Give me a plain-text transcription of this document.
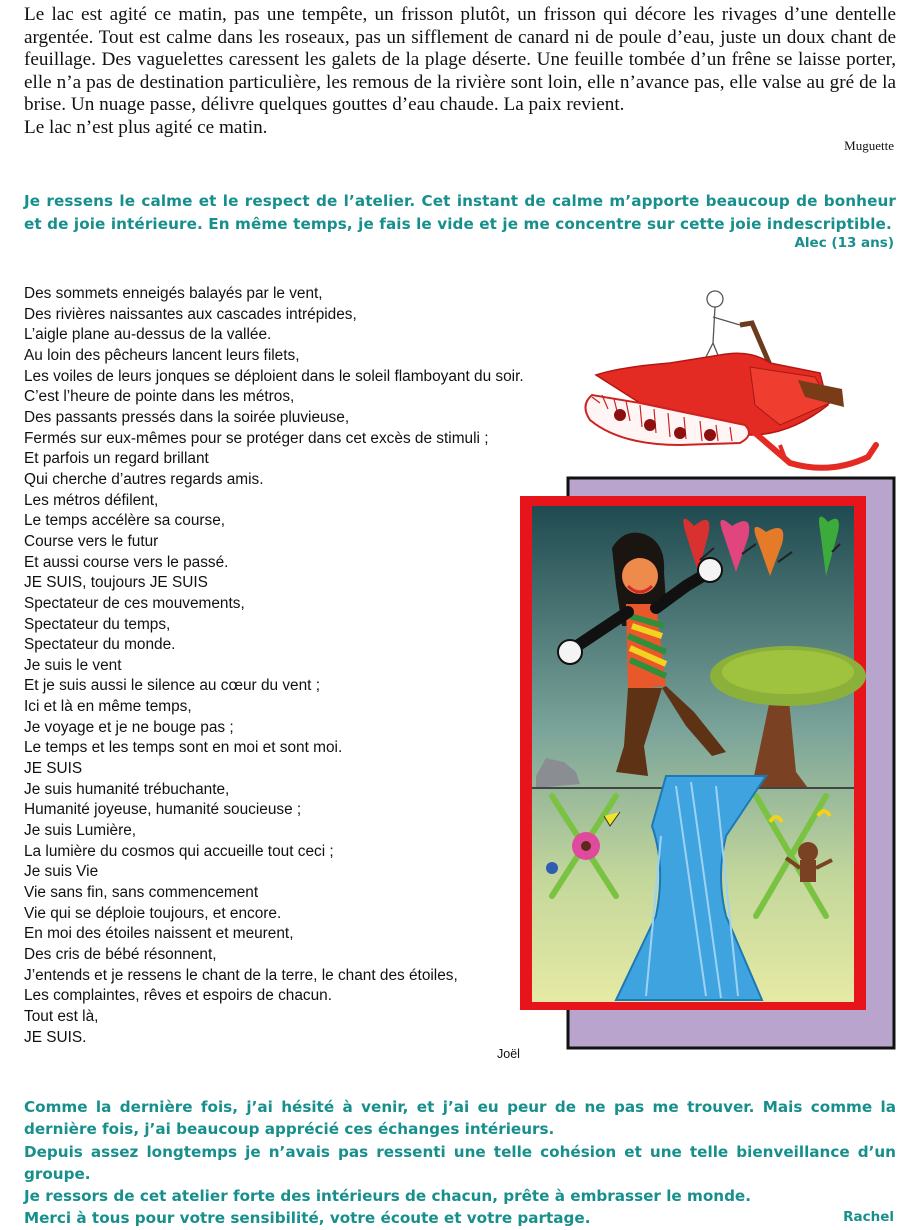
Le lac est agité ce matin, pas une tempête, un frisson plutôt, un frisson qui décore les rivages d’une dentelle argentée. Tout est calme dans les roseaux, pas un sifflement de canard ni de poule d’eau, juste un doux chant de feuillage. Des vaguelettes caressent les galets de la plage déserte. Une feuille tombée d’un frêne se laisse porter, elle n’a pas de destination particulière, les remous de la rivière sont loin, elle n’avance pas, elle valse au gré de la brise. Un nuage passe, délivre quelques gouttes d’eau chaude. La paix revient.

Le lac n’est plus agité ce matin.

Muguette

Je ressens le calme et le respect de l’atelier. Cet instant de calme m’apporte beaucoup de bonheur et de joie intérieure. En même temps, je fais le vide et je me concentre sur cette joie indescriptible.

Alec (13 ans)
Des sommets enneigés balayés par le vent,
Des rivières naissantes aux cascades intrépides,
L’aigle plane au-dessus de la vallée.
Au loin des pêcheurs lancent leurs filets,
Les voiles de leurs jonques se déploient dans le soleil flamboyant du soir.
C’est l’heure de pointe dans les métros,
Des passants pressés dans la soirée pluvieuse,
Fermés sur eux-mêmes pour se protéger dans cet excès de stimuli ;
Et parfois un regard brillant
Qui cherche d’autres regards amis.
Les métros défilent,
Le temps accélère sa course,
Course vers le futur
Et aussi course vers le passé.
JE SUIS, toujours JE SUIS
Spectateur de ces mouvements,
Spectateur du temps,
Spectateur du monde.
Je suis le vent
Et je suis aussi le silence au cœur du vent ;
Ici et là en même temps,
Je voyage et je ne bouge pas ;
Le temps et les temps sont en moi et sont moi.
JE SUIS
Je suis humanité trébuchante,
Humanité joyeuse, humanité soucieuse ;
Je suis Lumière,
La lumière du cosmos qui accueille tout ceci ;
Je suis Vie
Vie sans fin, sans commencement
Vie qui se déploie toujours, et encore.
En moi des étoiles naissent et meurent,
Des cris de bébé résonnent,
J’entends et je ressens le chant de la terre, le chant des étoiles,
Les complaintes, rêves et espoirs de chacun.
Tout est là,
JE SUIS.
Joël

Comme la dernière fois, j’ai hésité à venir, et j’ai eu peur de ne pas me trouver. Mais comme la dernière fois, j’ai beaucoup apprécié ces échanges intérieurs.

Depuis assez longtemps je n’avais pas ressenti une telle cohésion et une telle bienveillance d’un groupe.

Je ressors de cet atelier forte des intérieurs de chacun, prête à embrasser le monde.

Merci à tous pour votre sensibilité, votre écoute et votre partage.	Rachel
